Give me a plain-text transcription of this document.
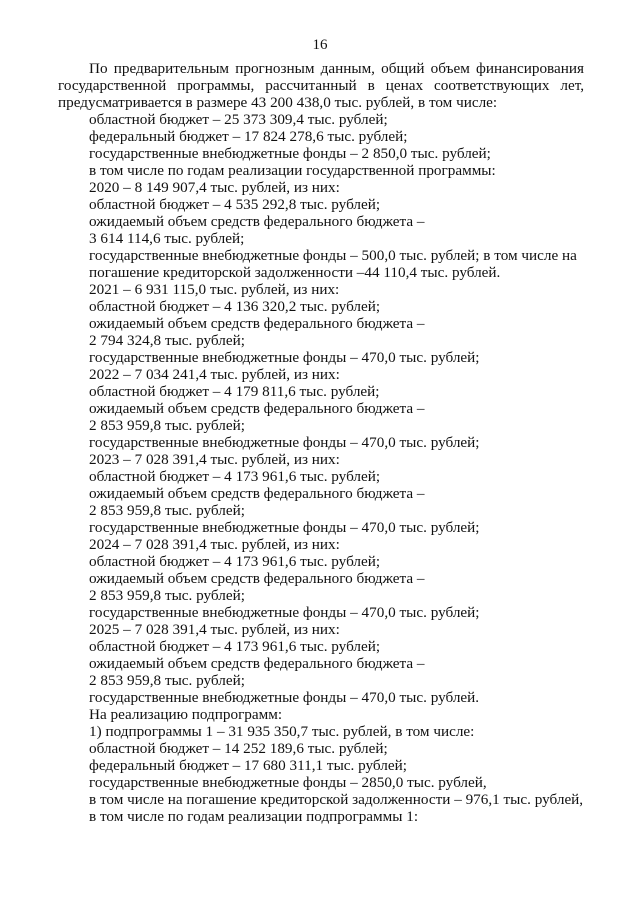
16

По предварительным прогнозным данным, общий объем финансирования государственной программы, рассчитанный в ценах соответствующих лет, предусматривается в размере 43 200 438,0 тыс. рублей, в том числе:

областной бюджет – 25 373 309,4 тыс. рублей;
федеральный бюджет – 17 824 278,6 тыс. рублей;
государственные внебюджетные фонды – 2 850,0 тыс. рублей;
в том числе по годам реализации государственной программы:
2020 – 8 149 907,4 тыс. рублей, из них:
областной бюджет – 4 535 292,8 тыс. рублей;
ожидаемый объем средств федерального бюджета –
3 614 114,6 тыс. рублей;
государственные внебюджетные фонды – 500,0 тыс. рублей; в том числе на
погашение кредиторской задолженности –44 110,4 тыс. рублей.
2021 – 6 931 115,0 тыс. рублей, из них:
областной бюджет – 4 136 320,2 тыс. рублей;
ожидаемый объем средств федерального бюджета –
2 794 324,8 тыс. рублей;
государственные внебюджетные фонды – 470,0 тыс. рублей;
2022 – 7 034 241,4 тыс. рублей, из них:
областной бюджет – 4 179 811,6 тыс. рублей;
ожидаемый объем средств федерального бюджета –
2 853 959,8 тыс. рублей;
государственные внебюджетные фонды – 470,0 тыс. рублей;
2023 – 7 028 391,4 тыс. рублей, из них:
областной бюджет – 4 173 961,6 тыс. рублей;
ожидаемый объем средств федерального бюджета –
2 853 959,8 тыс. рублей;
государственные внебюджетные фонды – 470,0 тыс. рублей;
2024 – 7 028 391,4 тыс. рублей, из них:
областной бюджет – 4 173 961,6 тыс. рублей;
ожидаемый объем средств федерального бюджета –
2 853 959,8 тыс. рублей;
государственные внебюджетные фонды – 470,0 тыс. рублей;
2025 – 7 028 391,4 тыс. рублей, из них:
областной бюджет – 4 173 961,6 тыс. рублей;
ожидаемый объем средств федерального бюджета –
2 853 959,8 тыс. рублей;
государственные внебюджетные фонды – 470,0 тыс. рублей.
На реализацию подпрограмм:
1) подпрограммы 1 – 31 935 350,7 тыс. рублей, в том числе:
областной бюджет – 14 252 189,6 тыс. рублей;
федеральный бюджет – 17 680 311,1 тыс. рублей;
государственные внебюджетные фонды – 2850,0 тыс. рублей,
в том числе на погашение кредиторской задолженности – 976,1 тыс. рублей,
в том числе по годам реализации подпрограммы 1:
